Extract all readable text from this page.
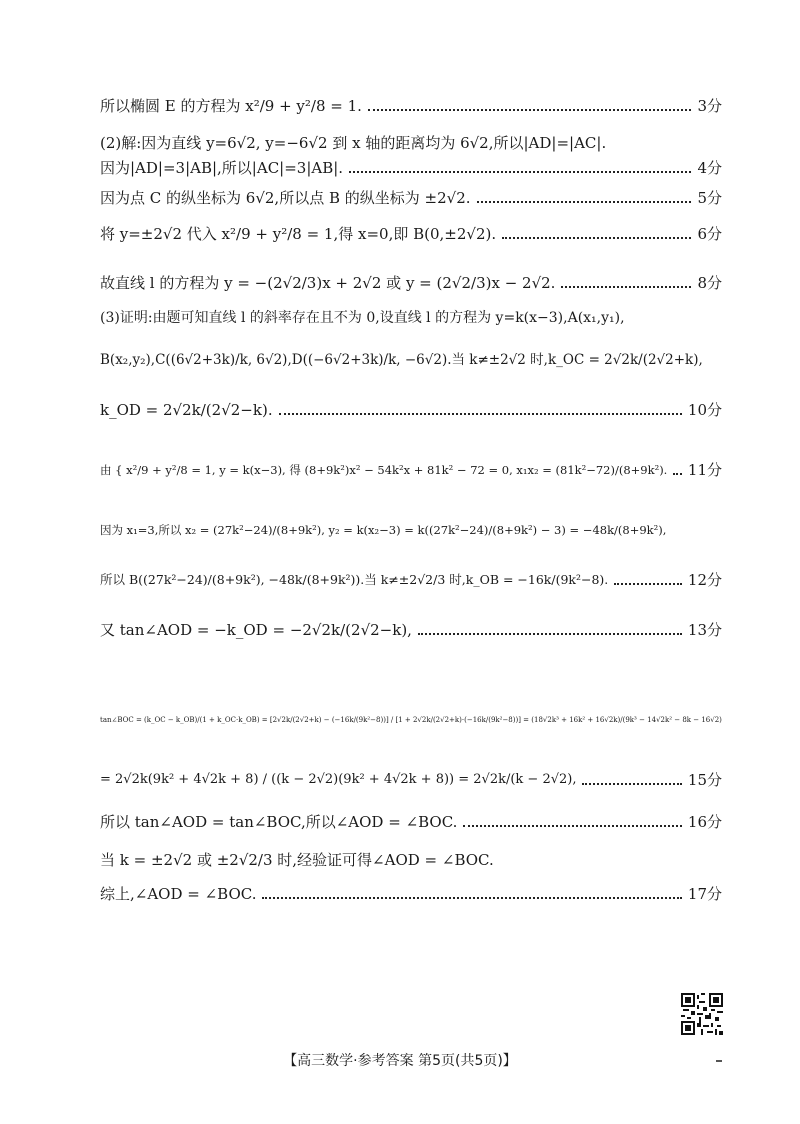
所以椭圆 E 的方程为 x²/9 + y²/8 = 1.	3分
(2)解:因为直线 y=6√2, y=−6√2 到 x 轴的距离均为 6√2,所以|AD|=|AC|.
因为|AD|=3|AB|,所以|AC|=3|AB|.	4分
因为点 C 的纵坐标为 6√2,所以点 B 的纵坐标为 ±2√2.	5分
将 y=±2√2 代入 x²/9 + y²/8 = 1,得 x=0,即 B(0,±2√2).	6分
故直线 l 的方程为 y = −(2√2/3)x + 2√2 或 y = (2√2/3)x − 2√2.	8分
(3)证明:由题可知直线 l 的斜率存在且不为 0,设直线 l 的方程为 y=k(x−3),A(x₁,y₁),
B(x₂,y₂),C((6√2+3k)/k, 6√2),D((−6√2+3k)/k, −6√2).当 k≠±2√2 时,k_OC = 2√2k/(2√2+k),
k_OD = 2√2k/(2√2−k).	10分
由 { x²/9 + y²/8 = 1, y = k(x−3), 得 (8+9k²)x² − 54k²x + 81k² − 72 = 0, x₁x₂ = (81k²−72)/(8+9k²). 11分
因为 x₁=3,所以 x₂ = (27k²−24)/(8+9k²), y₂ = k(x₂−3) = k((27k²−24)/(8+9k²) − 3) = −48k/(8+9k²),
所以 B((27k²−24)/(8+9k²), −48k/(8+9k²)).当 k≠±2√2/3 时,k_OB = −16k/(9k²−8).	12分
又 tan∠AOD = −k_OD = −2√2k/(2√2−k),	13分
tan∠BOC = (k_OC − k_OB)/(1 + k_OC·k_OB) = [2√2k/(2√2+k) − (−16k/(9k²−8))] / [1 + 2√2k/(2√2+k)·(−16k/(9k²−8))] = (18√2k³ + 16k² + 16√2k)/(9k³ − 14√2k² − 8k − 16√2)
= 2√2k(9k² + 4√2k + 8) / ((k − 2√2)(9k² + 4√2k + 8)) = 2√2k/(k − 2√2),	15分
所以 tan∠AOD = tan∠BOC,所以∠AOD = ∠BOC.	16分
当 k = ±2√2 或 ±2√2/3 时,经验证可得∠AOD = ∠BOC.
综上,∠AOD = ∠BOC.	17分
【高三数学·参考答案 第5页(共5页)】
